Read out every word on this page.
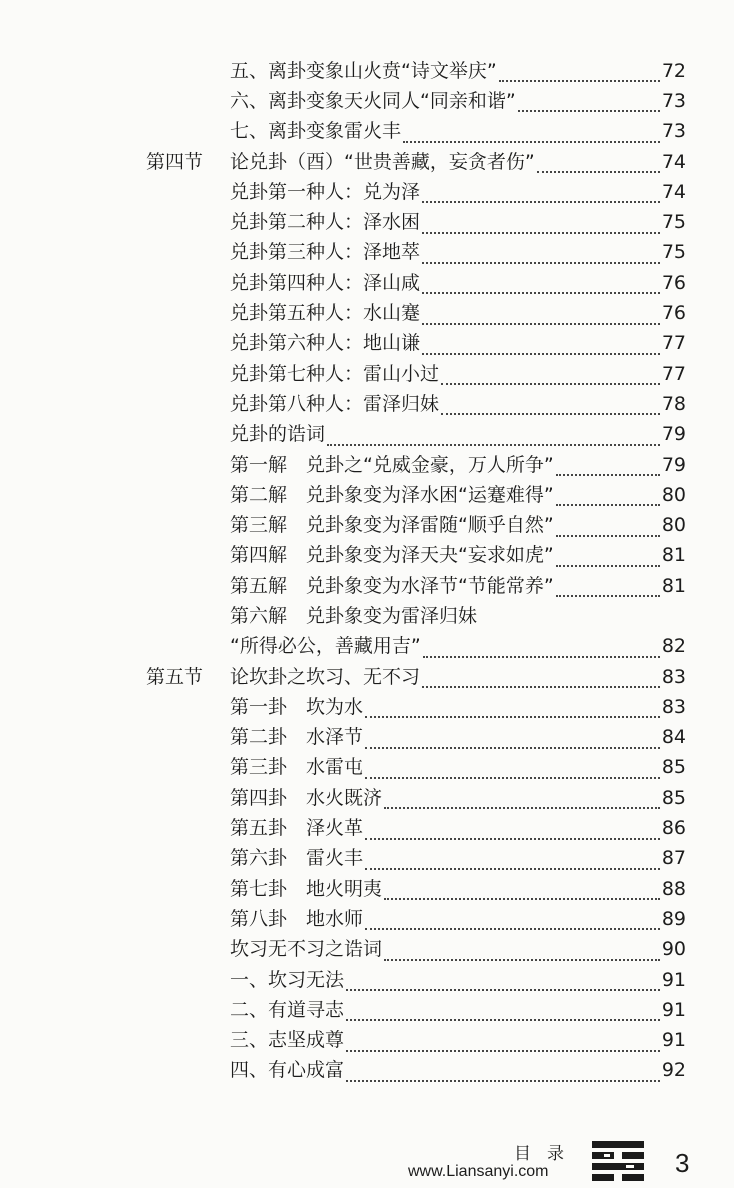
五、离卦变象山火贲“诗文举庆”	72
六、离卦变象天火同人“同亲和谐”	73
七、离卦变象雷火丰	73
第四节 论兑卦（酉）“世贵善藏，妄贪者伤”	74
兑卦第一种人：兑为泽	74
兑卦第二种人：泽水困	75
兑卦第三种人：泽地萃	75
兑卦第四种人：泽山咸	76
兑卦第五种人：水山蹇	76
兑卦第六种人：地山谦	77
兑卦第七种人：雷山小过	77
兑卦第八种人：雷泽归妹	78
兑卦的诰词	79
第一解　兑卦之“兑威金豪，万人所争”	79
第二解　兑卦象变为泽水困“运蹇难得”	80
第三解　兑卦象变为泽雷随“顺乎自然”	80
第四解　兑卦象变为泽天夬“妄求如虎”	81
第五解　兑卦象变为水泽节“节能常养”	81
第六解　兑卦象变为雷泽归妹
“所得必公，善藏用吉”	82
第五节 论坎卦之坎习、无不习	83
第一卦　坎为水	83
第二卦　水泽节	84
第三卦　水雷屯	85
第四卦　水火既济	85
第五卦　泽火革	86
第六卦　雷火丰	87
第七卦　地火明夷	88
第八卦　地水师	89
坎习无不习之诰词	90
一、坎习无法	91
二、有道寻志	91
三、志坚成尊	91
四、有心成富	92
目录
www.Liansanyi.com	3
